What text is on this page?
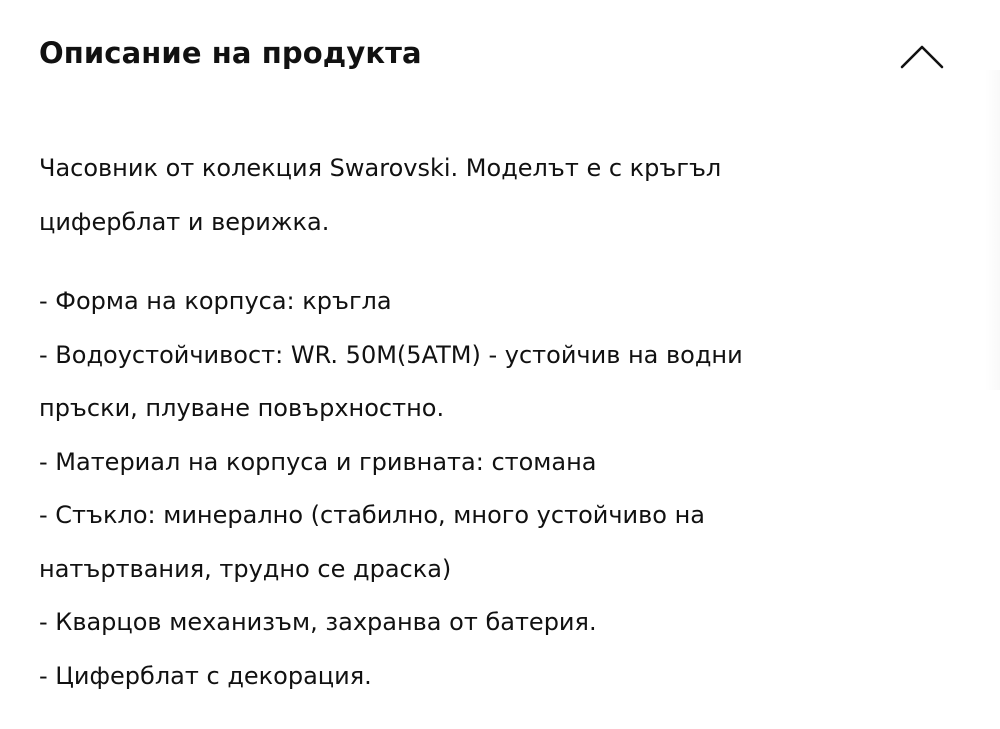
Описание на продукта

Часовник от колекция Swarovski. Моделът е с кръгъл

циферблат и верижка.

- Форма на корпуса: кръгла

- Водоустойчивост: WR. 50M(5ATM) - устойчив на водни

пръски, плуване повърхностно.

- Материал на корпуса и гривната: стомана

- Стъкло: минерално (стабилно, много устойчиво на

натъртвания, трудно се драска)

- Кварцов механизъм, захранва от батерия.

- Циферблат с декорация.
